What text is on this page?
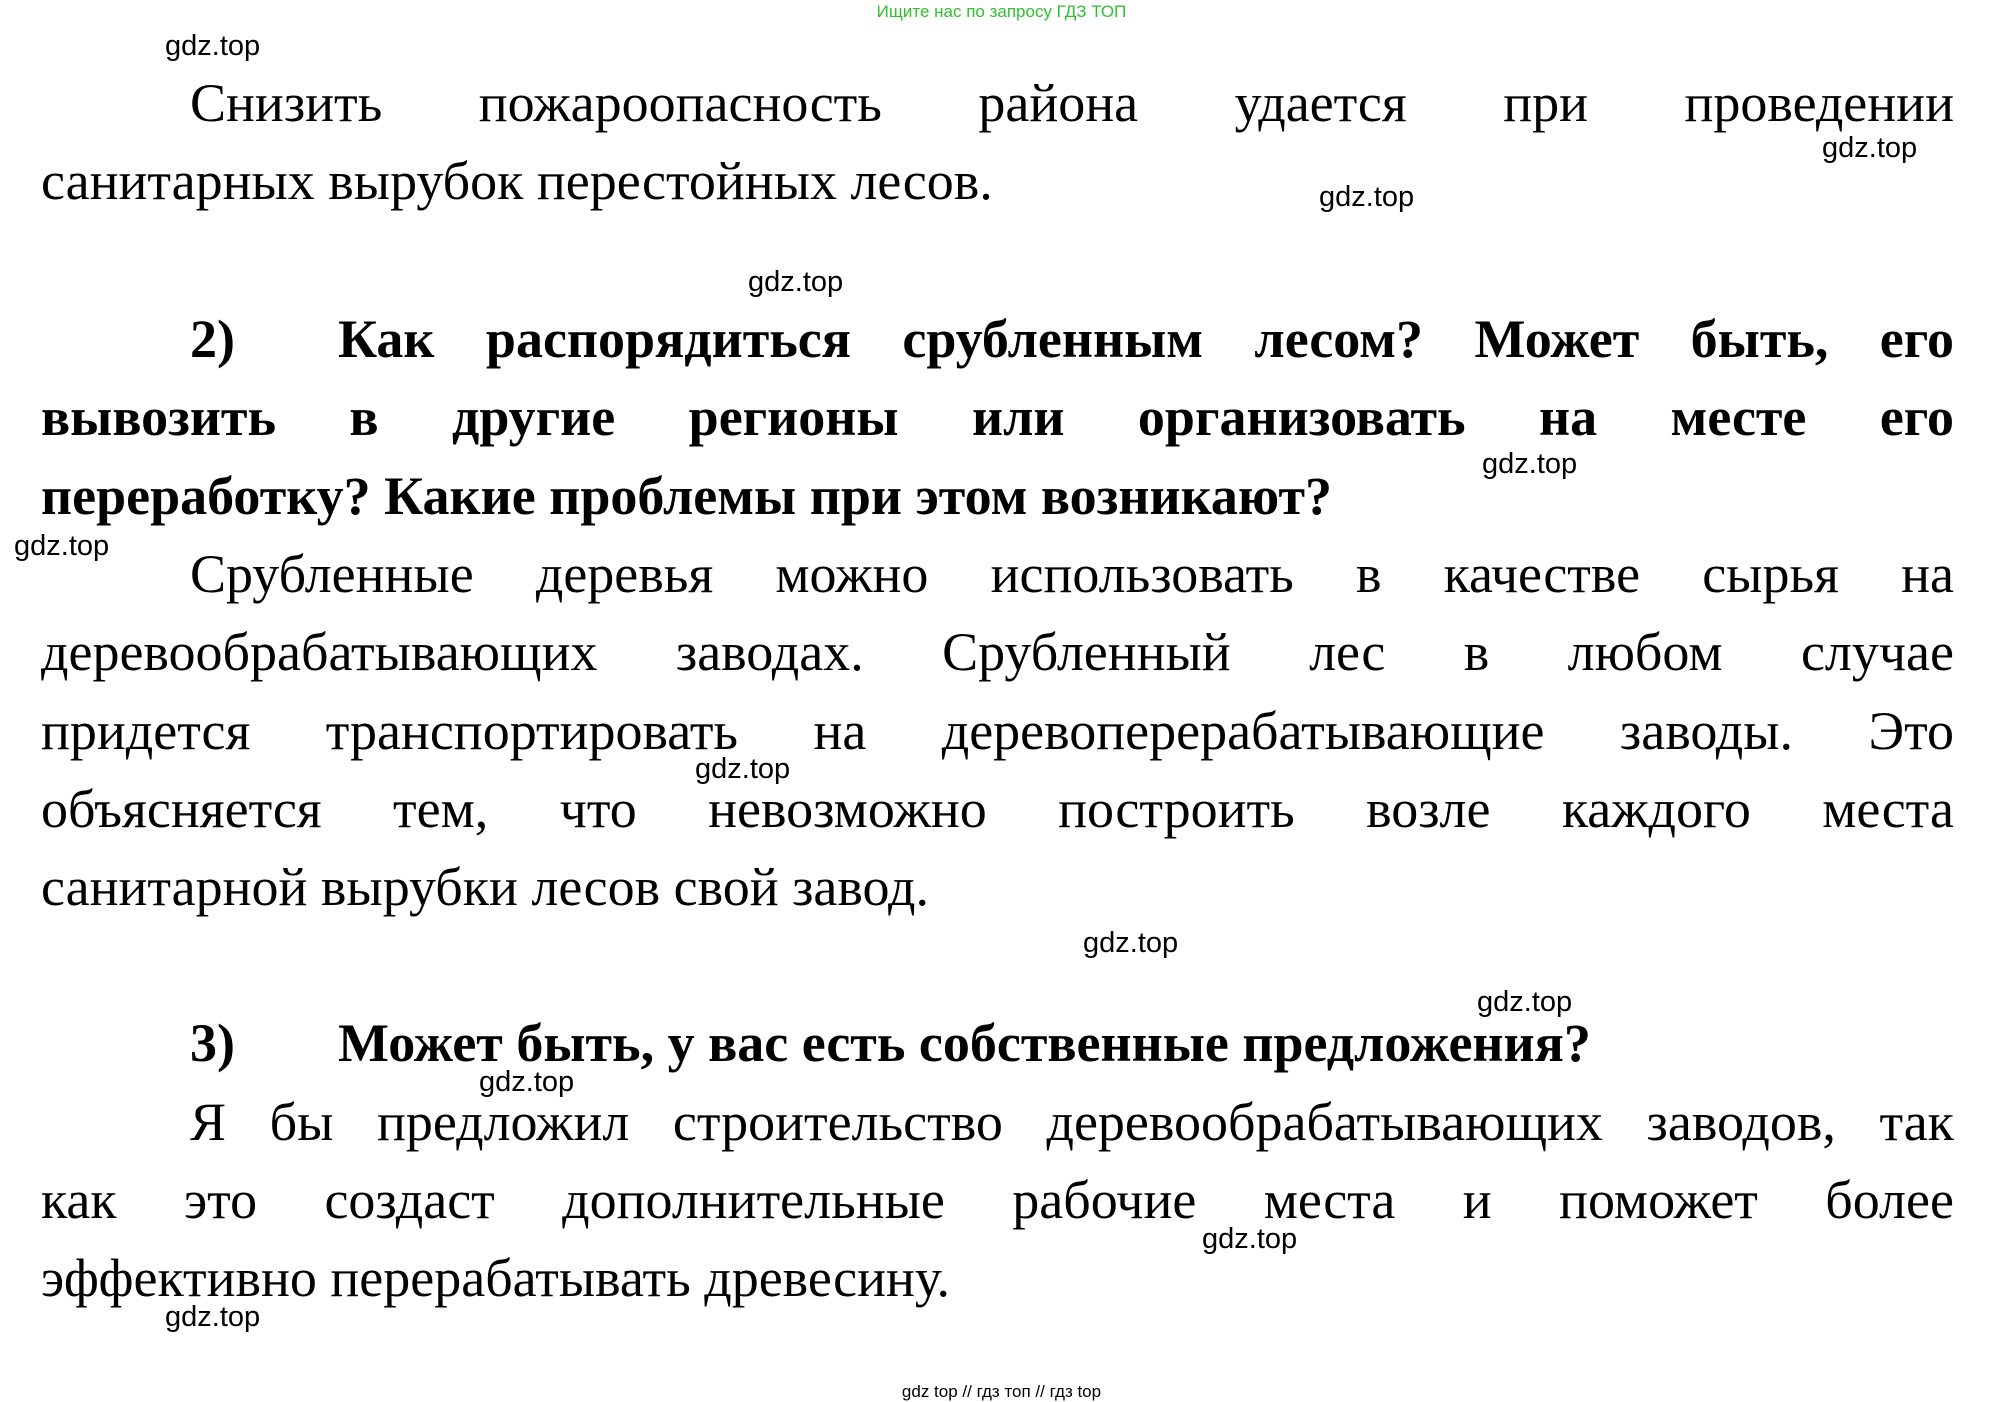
Ищите нас по запросу ГДЗ ТОП
Снизить пожароопасность района удается при проведении
санитарных вырубок перестойных лесов.
2) Как распорядиться срубленным лесом? Может быть, его
вывозить в другие регионы или организовать на месте его
переработку? Какие проблемы при этом возникают?
Срубленные деревья можно использовать в качестве сырья на
деревообрабатывающих заводах. Срубленный лес в любом случае
придется транспортировать на деревоперерабатывающие заводы. Это
объясняется тем, что невозможно построить возле каждого места
санитарной вырубки лесов свой завод.
3) Может быть, у вас есть собственные предложения?
Я бы предложил строительство деревообрабатывающих заводов, так
как это создаст дополнительные рабочие места и поможет более
эффективно перерабатывать древесину.
gdz.top
gdz.top
gdz.top
gdz.top
gdz.top
gdz.top
gdz.top
gdz.top
gdz.top
gdz.top
gdz.top
gdz.top
gdz top // гдз топ // гдз top
